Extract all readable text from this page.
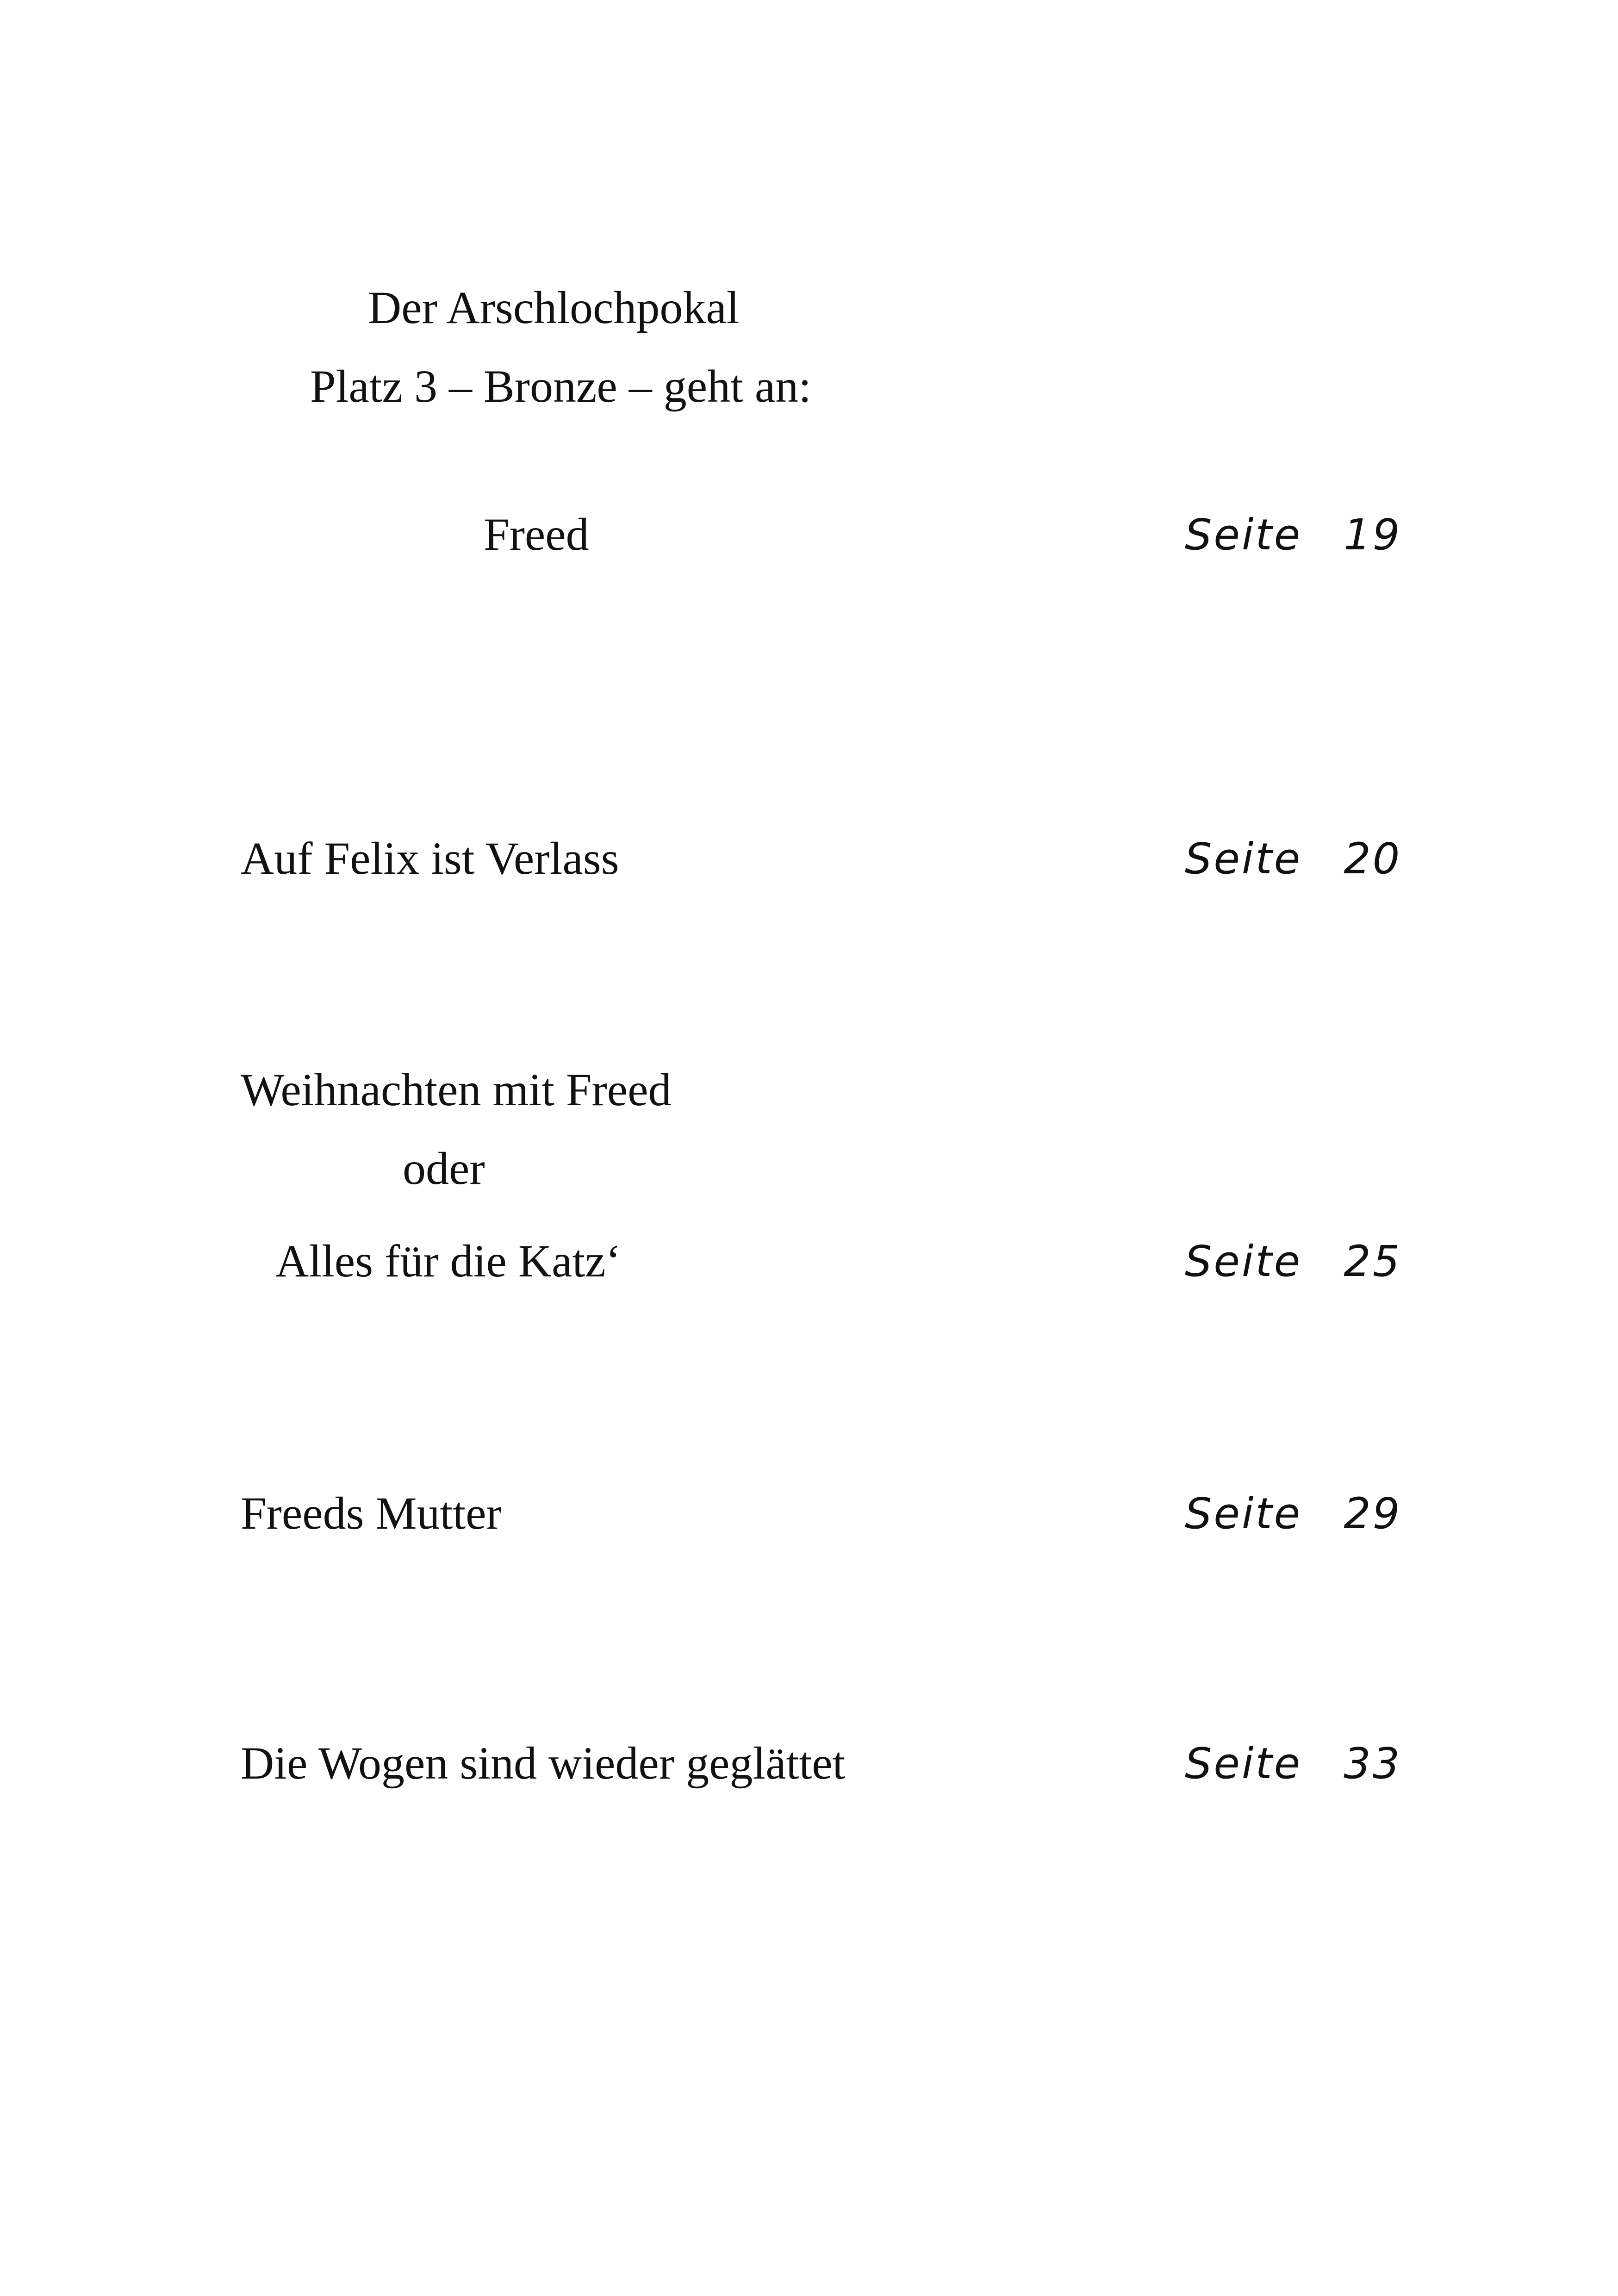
Der Arschlochpokal
Platz 3 – Bronze – geht an:
Freed	Seite 19
Auf Felix ist Verlass	Seite 20
Weihnachten mit Freed
oder
Alles für die Katz‘	Seite 25
Freeds Mutter	Seite 29
Die Wogen sind wieder geglättet	Seite 33
